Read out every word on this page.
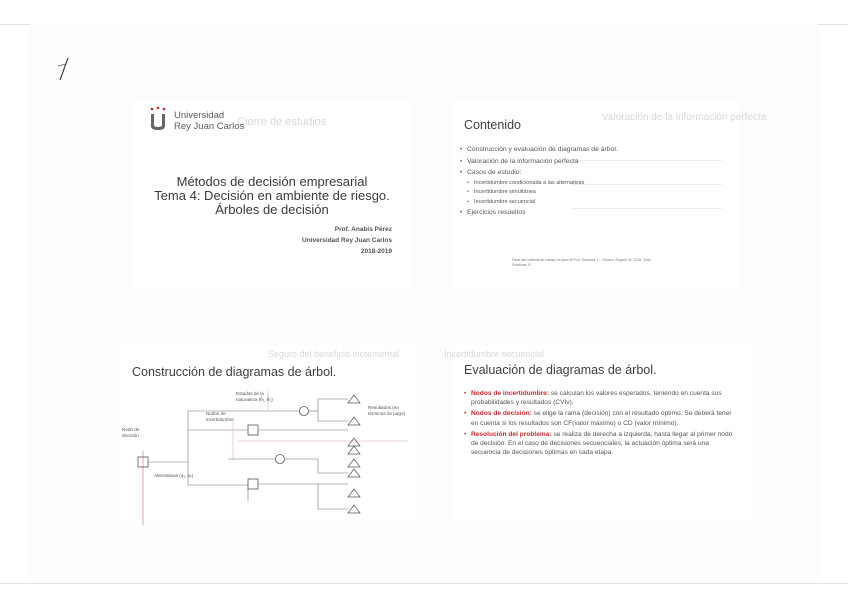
Cierre de estudios
Universidad
Rey Juan Carlos
Métodos de decisión empresarial
Tema 4: Decisión en ambiente de riesgo.
Árboles de decisión
Prof. Anabis Pérez
Universidad Rey Juan Carlos
2018-2019
Valoración de la información perfecta
Contenido
• Construcción y evaluación de diagramas de árbol.
• Valoración de la información perfecta
• Casos de estudio:
• Incertidumbre condicionada a las alternativas
• Incertidumbre simultánea
• Incertidumbre secuencial
• Ejercicios resueltos
Parte del material de trabajo es para el Prof. Sánchez, L., Gómez, Segura, M. 2018. Todo Prácticas, S.
Seguro del beneficio incremental
Construcción de diagramas de árbol.
Estados de la naturaleza (θ₁, θ₂)
Nodos de incertidumbre
Nodo de decisión
Alternativas (a₁, a₂)
Resultados (en términos de pago)
Incertidumbre secuencial
Evaluación de diagramas de árbol.
• Nodos de incertidumbre: se calculan los valores esperados, teniendo en cuenta sus probabilidades y resultados (CVIv).
• Nodos de decisión: se elige la rama (decisión) con el resultado óptimo. Se deberá tener en cuenta si los resultados son CF(valor máximo) o CD (valor mínimo).
• Resolución del problema: se realiza de derecha a izquierda, hasta llegar al primer nodo de decisión. En el caso de decisiones secuenciales, la actuación óptima será una secuencia de decisiones óptimas en cada etapa.
